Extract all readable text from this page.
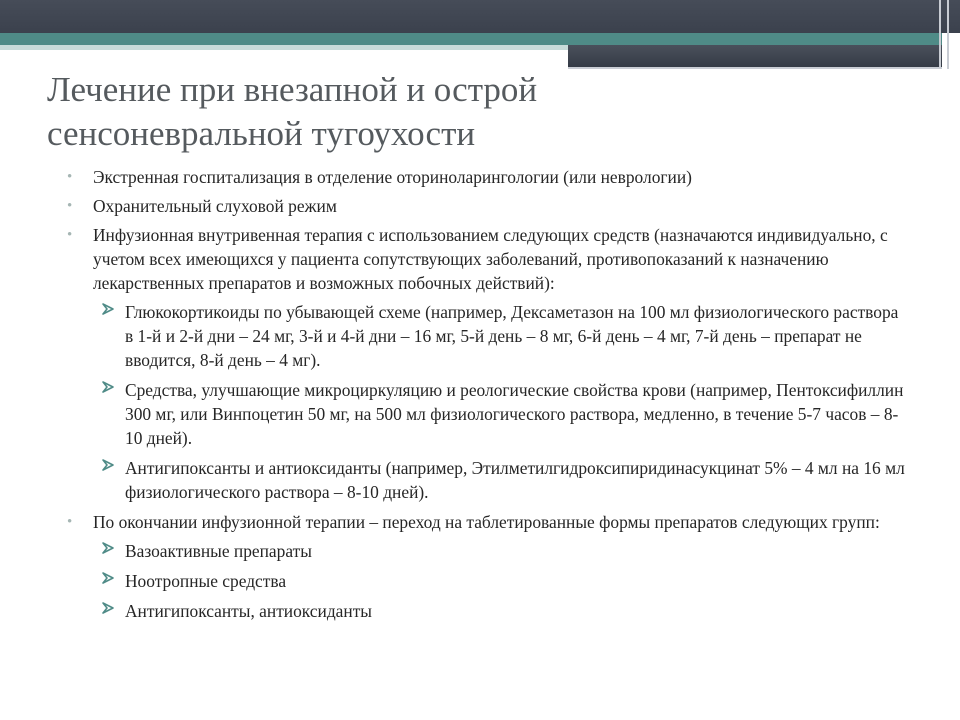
Лечение при внезапной и острой
сенсоневральной тугоухости
• Экстренная госпитализация в отделение оториноларингологии (или неврологии)
• Охранительный слуховой режим
• Инфузионная внутривенная терапия с использованием следующих средств (назначаются индивидуально, с учетом всех имеющихся у пациента сопутствующих заболеваний, противопоказаний к назначению лекарственных препаратов и возможных побочных действий):
Глюкокортикоиды по убывающей схеме (например, Дексаметазон на 100 мл физиологического раствора в 1-й и 2-й дни – 24 мг, 3-й и 4-й дни – 16 мг, 5-й день – 8 мг, 6-й день – 4 мг, 7-й день – препарат не вводится, 8-й день – 4 мг).
Средства, улучшающие микроциркуляцию и реологические свойства крови (например, Пентоксифиллин 300 мг, или Винпоцетин 50 мг, на 500 мл физиологического раствора, медленно, в течение 5-7 часов – 8-10 дней).
Антигипоксанты и антиоксиданты (например, Этилметилгидроксипиридинасукцинат 5% – 4 мл на 16 мл физиологического раствора – 8-10 дней).
• По окончании инфузионной терапии – переход на таблетированные формы препаратов следующих групп:
Вазоактивные препараты
Ноотропные средства
Антигипоксанты, антиоксиданты
